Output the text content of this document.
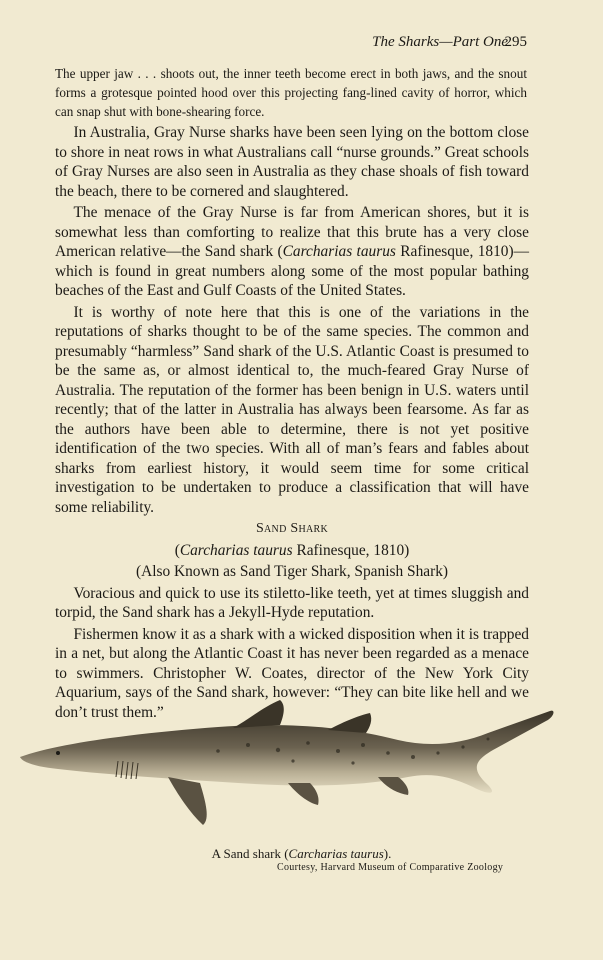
The Sharks—Part One
295
The upper jaw . . . shoots out, the inner teeth become erect in both jaws, and the snout forms a grotesque pointed hood over this projecting fang-lined cavity of horror, which can snap shut with bone-shearing force.

In Australia, Gray Nurse sharks have been seen lying on the bottom close to shore in neat rows in what Australians call “nurse grounds.” Great schools of Gray Nurses are also seen in Australia as they chase shoals of fish toward the beach, there to be cornered and slaughtered.

The menace of the Gray Nurse is far from American shores, but it is somewhat less than comforting to realize that this brute has a very close American relative—the Sand shark (Carcharias taurus Rafinesque, 1810)—which is found in great numbers along some of the most popular bathing beaches of the East and Gulf Coasts of the United States.

It is worthy of note here that this is one of the variations in the reputations of sharks thought to be of the same species. The common and presumably “harmless” Sand shark of the U.S. Atlantic Coast is presumed to be the same as, or almost identical to, the much-feared Gray Nurse of Australia. The reputation of the former has been benign in U.S. waters until recently; that of the latter in Australia has always been fearsome. As far as the authors have been able to determine, there is not yet positive identification of the two species. With all of man’s fears and fables about sharks from earliest history, it would seem time for some critical investigation to be undertaken to produce a classification that will have some reliability.

Sand Shark

(Carcharias taurus Rafinesque, 1810)

(Also Known as Sand Tiger Shark, Spanish Shark)

Voracious and quick to use its stiletto-like teeth, yet at times sluggish and torpid, the Sand shark has a Jekyll-Hyde reputation.

Fishermen know it as a shark with a wicked disposition when it is trapped in a net, but along the Atlantic Coast it has never been regarded as a menace to swimmers. Christopher W. Coates, director of the New York City Aquarium, says of the Sand shark, however: “They can bite like hell and we don’t trust them.”

A Sand shark (Carcharias taurus).
Courtesy, Harvard Museum of Comparative Zoology
